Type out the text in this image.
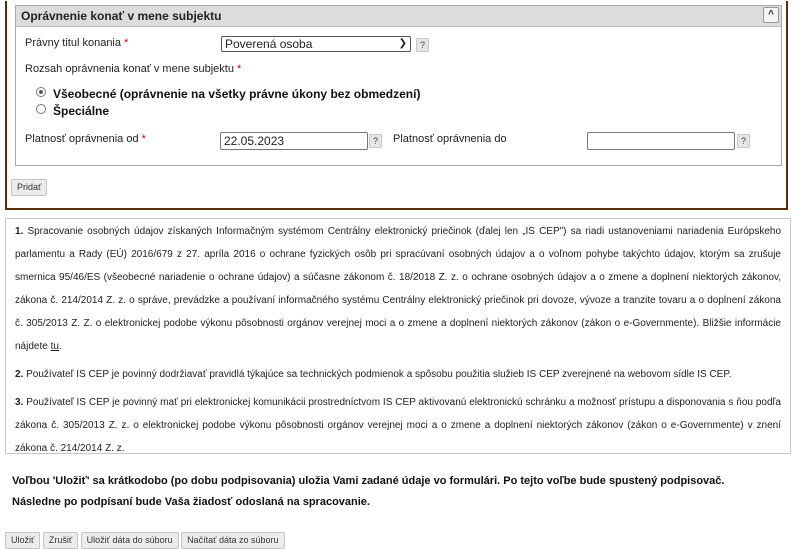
Oprávnenie konať v mene subjektu	^
Právny titul konania *	Poverená osoba	❯	?
Rozsah oprávnenia konať v mene subjektu *
Všeobecné (oprávnenie na všetky právne úkony bez obmedzení)
Špeciálne
Platnosť oprávnenia od *	22.05.2023	?	Platnosť oprávnenia do	?
Pridať

1. Spracovanie osobných údajov získaných Informačným systémom Centrálny elektronický priečinok (ďalej len „IS CEP") sa riadi ustanoveniami nariadenia Európskeho parlamentu a Rady (EÚ) 2016/679 z 27. apríla 2016 o ochrane fyzických osôb pri spracúvaní osobných údajov a o voľnom pohybe takýchto údajov, ktorým sa zrušuje smernica 95/46/ES (všeobecné nariadenie o ochrane údajov) a súčasne zákonom č. 18/2018 Z. z. o ochrane osobných údajov a o zmene a doplnení niektorých zákonov, zákona č. 214/2014 Z. z. o správe, prevádzke a používaní informačného systému Centrálny elektronický priečinok pri dovoze, vývoze a tranzite tovaru a o doplnení zákona č. 305/2013 Z. Z. o elektronickej podobe výkonu pôsobnosti orgánov verejnej moci a o zmene a doplnení niektorých zákonov (zákon o e-Governmente). Bližšie informácie nájdete tu.

2. Používateľ IS CEP je povinný dodržiavať pravidlá týkajúce sa technických podmienok a spôsobu použitia služieb IS CEP zverejnené na webovom sídle IS CEP.

3. Používateľ IS CEP je povinný mať pri elektronickej komunikácii prostredníctvom IS CEP aktivovanú elektronickú schránku a možnosť prístupu a disponovania s ňou podľa zákona č. 305/2013 Z. z. o elektronickej podobe výkonu pôsobnosti orgánov verejnej moci a o zmene a doplnení niektorých zákonov (zákon o e-Governmente) v znení zákona č. 214/2014 Z. z.

Voľbou 'Uložiť' sa krátkodobo (po dobu podpisovania) uložia Vami zadané údaje vo formulári. Po tejto voľbe bude spustený podpisovač. Následne po podpísaní bude Vaša žiadosť odoslaná na spracovanie.
Uložiť Zrušiť Uložiť dáta do súboru Načítať dáta zo súboru
